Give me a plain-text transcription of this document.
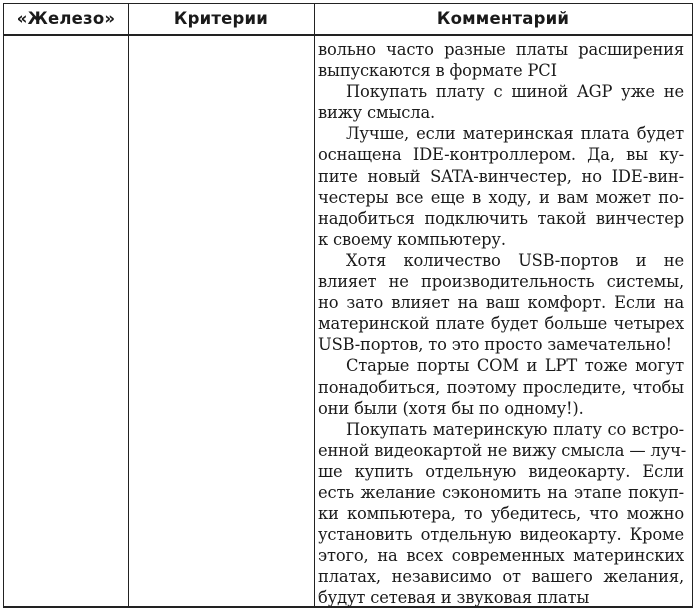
«Железо»	Критерии	Комментарий
вольно часто разные платы расширения
выпускаются в формате PCI
Покупать плату с шиной AGP уже не
вижу смысла.
Лучше, если материнская плата будет
оснащена IDE-контроллером. Да, вы ку-
пите новый SATA-винчестер, но IDE-вин-
честеры все еще в ходу, и вам может по-
надобиться подключить такой винчестер
к своему компьютеру.
Хотя количество USB-портов и не
влияет не производительность системы,
но зато влияет на ваш комфорт. Если на
материнской плате будет больше четырех
USB-портов, то это просто замечательно!
Старые порты COM и LPT тоже могут
понадобиться, поэтому проследите, чтобы
они были (хотя бы по одному!).
Покупать материнскую плату со встро-
енной видеокартой не вижу смысла — луч-
ше купить отдельную видеокарту. Если
есть желание сэкономить на этапе покуп-
ки компьютера, то убедитесь, что можно
установить отдельную видеокарту. Кроме
этого, на всех современных материнских
платах, независимо от вашего желания,
будут сетевая и звуковая платы
